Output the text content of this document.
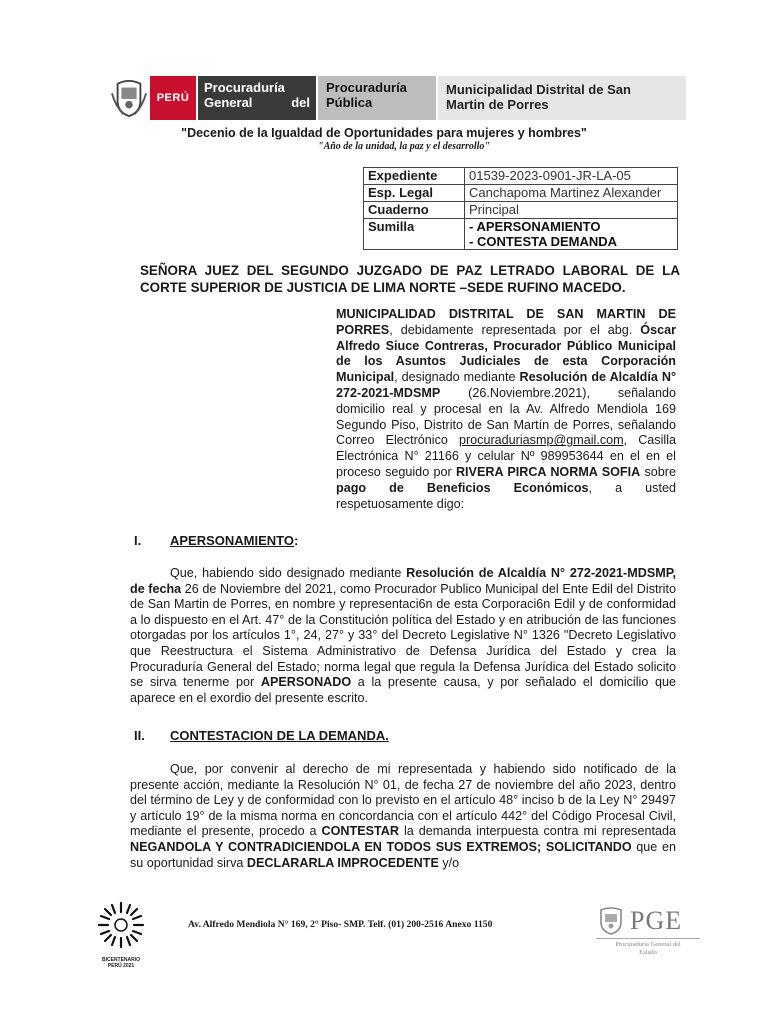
PERÚ
Procuraduría
General	del
Procuraduría
Pública
Municipalidad Distrital de San
Martin de Porres
"Decenio de la Igualdad de Oportunidades para mujeres y hombres"
"Año de la unidad, la paz y el desarrollo"
Expediente	01539-2023-0901-JR-LA-05
Esp. Legal	Canchapoma Martinez Alexander
Cuaderno	Principal
Sumilla	- APERSONAMIENTO
- CONTESTA DEMANDA
SEÑORA JUEZ DEL SEGUNDO JUZGADO DE PAZ LETRADO LABORAL DE LA CORTE SUPERIOR DE JUSTICIA DE LIMA NORTE –SEDE RUFINO MACEDO.
MUNICIPALIDAD DISTRITAL DE SAN MARTIN DE PORRES, debidamente representada por el abg. Óscar Alfredo Siuce Contreras, Procurador Público Municipal de los Asuntos Judiciales de esta Corporación Municipal, designado mediante Resolución de Alcaldía N° 272-2021-MDSMP (26.Noviembre.2021), señalando domicilio real y procesal en la Av. Alfredo Mendiola 169 Segundo Piso, Distrito de San Martín de Porres, señalando Correo Electrónico procuraduriasmp@gmail.com, Casilla Electrónica N° 21166 y celular Nº 989953644 en el en el proceso seguido por RIVERA PIRCA NORMA SOFIA sobre pago de Beneficios Económicos, a usted respetuosamente digo:
I. APERSONAMIENTO:
Que, habiendo sido designado mediante Resolución de Alcaldía N° 272-2021-MDSMP, de fecha 26 de Noviembre del 2021, como Procurador Publico Municipal del Ente Edil del Distrito de San Martin de Porres, en nombre y representaci6n de esta Corporaci6n Edil y de conformidad a lo dispuesto en el Art. 47° de la Constitución política del Estado y en atribución de las funciones otorgadas por los artículos 1°, 24, 27° y 33° del Decreto Legislative N° 1326 "Decreto Legislativo que Reestructura el Sistema Administrativo de Defensa Jurídica del Estado y crea la Procuraduría General del Estado; norma legal que regula la Defensa Jurídica del Estado solicito se sirva tenerme por APERSONADO a la presente causa, y por señalado el domicilio que aparece en el exordio del presente escrito.
II. CONTESTACION DE LA DEMANDA.
Que, por convenir al derecho de mi representada y habiendo sido notificado de la presente acción, mediante la Resolución N° 01, de fecha 27 de noviembre del año 2023, dentro del término de Ley y de conformidad con lo previsto en el artículo 48° inciso b de la Ley N° 29497 y artículo 19° de la misma norma en concordancia con el artículo 442° del Código Procesal Civil, mediante el presente, procedo a CONTESTAR la demanda interpuesta contra mi representada NEGANDOLA Y CONTRADICIENDOLA EN TODOS SUS EXTREMOS; SOLICITANDO que en su oportunidad sirva DECLARARLA IMPROCEDENTE y/o
BICENTENARIO
PERÚ 2021
Av. Alfredo Mendiola N° 169, 2° Piso- SMP. Telf. (01) 200-2516 Anexo 1150	PGE
Procuraduría General del
Estado
